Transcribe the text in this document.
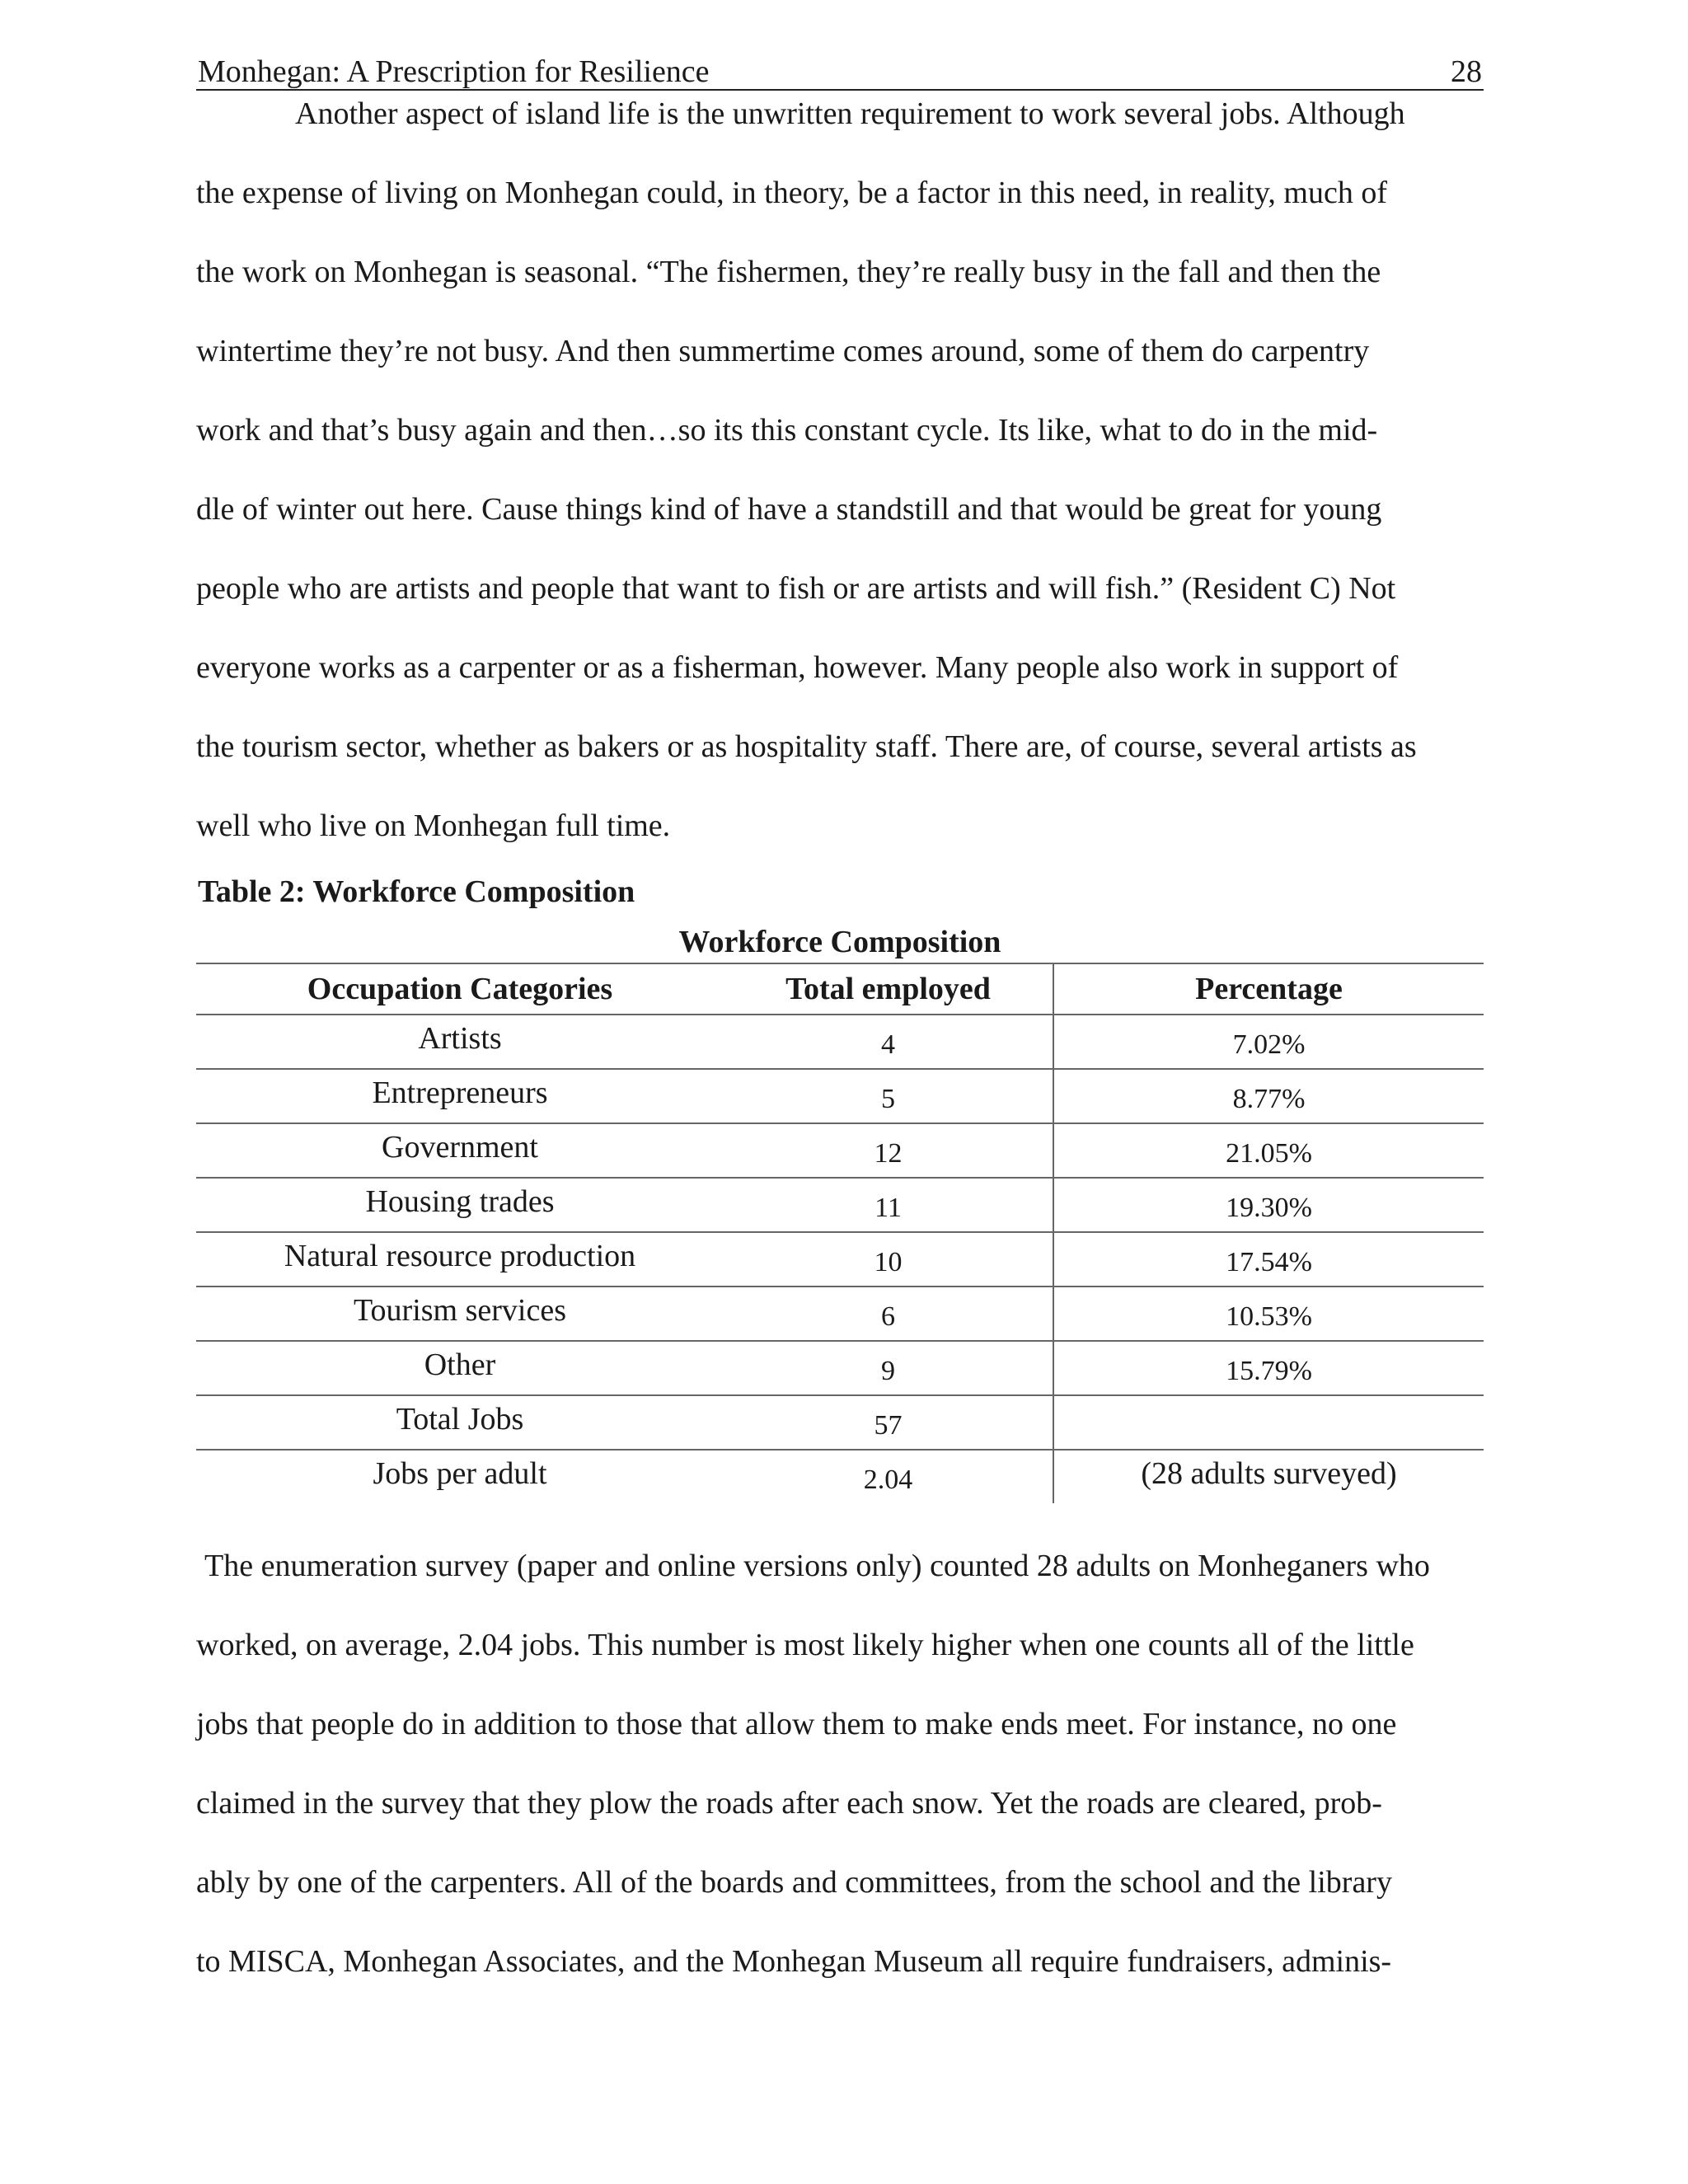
Monhegan: A Prescription for Resilience	28
Another aspect of island life is the unwritten requirement to work several jobs. Although
the expense of living on Monhegan could, in theory, be a factor in this need, in reality, much of
the work on Monhegan is seasonal. “The fishermen, they’re really busy in the fall and then the
wintertime they’re not busy. And then summertime comes around, some of them do carpentry
work and that’s busy again and then…so its this constant cycle. Its like, what to do in the mid-
dle of winter out here. Cause things kind of have a standstill and that would be great for young
people who are artists and people that want to fish or are artists and will fish.” (Resident C) Not
everyone works as a carpenter or as a fisherman, however. Many people also work in support of
the tourism sector, whether as bakers or as hospitality staff. There are, of course, several artists as
well who live on Monhegan full time.
Table 2: Workforce Composition
Workforce Composition
Occupation Categories	Total employed	Percentage
Artists	4	7.02%
Entrepreneurs	5	8.77%
Government	12	21.05%
Housing trades	11	19.30%
Natural resource production	10	17.54%
Tourism services	6	10.53%
Other	9	15.79%
Total Jobs	57	
Jobs per adult	2.04	(28 adults surveyed)
The enumeration survey (paper and online versions only) counted 28 adults on Monheganers who
worked, on average, 2.04 jobs. This number is most likely higher when one counts all of the little
jobs that people do in addition to those that allow them to make ends meet. For instance, no one
claimed in the survey that they plow the roads after each snow. Yet the roads are cleared, prob-
ably by one of the carpenters. All of the boards and committees, from the school and the library
to MISCA, Monhegan Associates, and the Monhegan Museum all require fundraisers, adminis-
